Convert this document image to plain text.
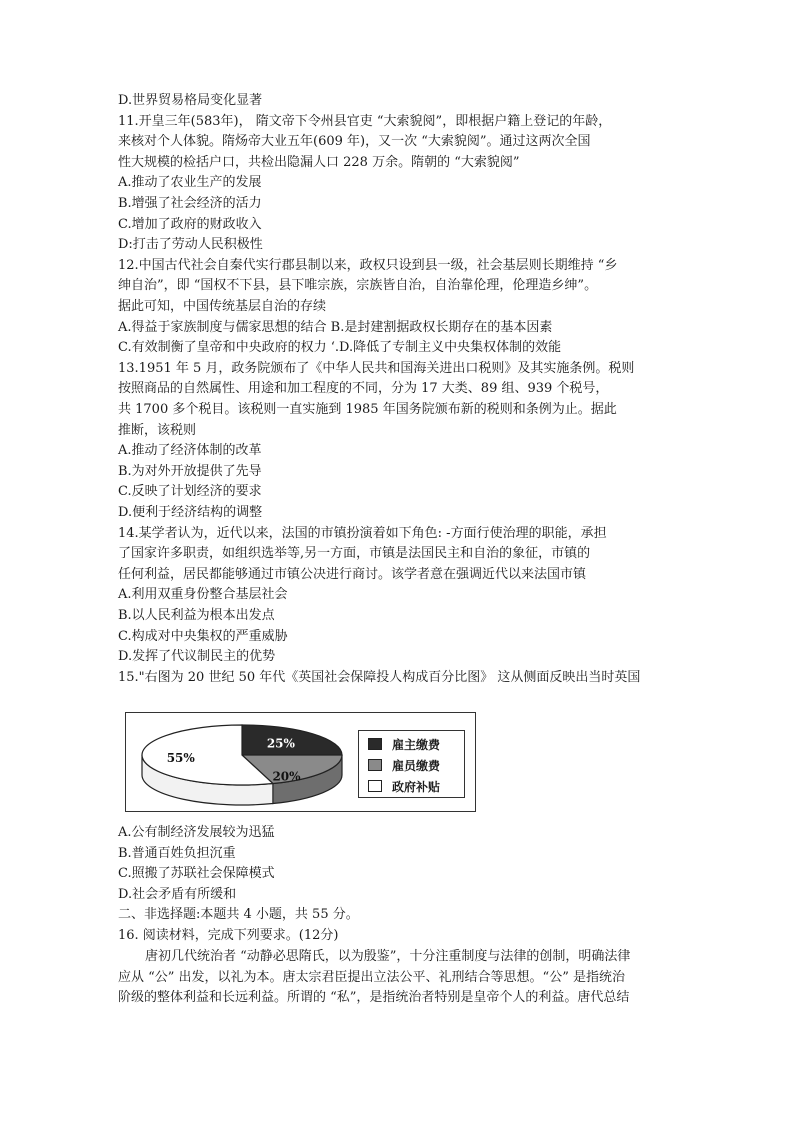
D.世界贸易格局变化显著
11.开皇三年(583年)， 隋文帝下令州县官吏 “大索貌阅”，即根据户籍上登记的年龄，
来核对个人体貌。隋炀帝大业五年(609 年)，又一次 “大索貌阅”。通过这两次全国
性大规模的检括户口，共检出隐漏人口 228 万余。隋朝的 “大索貌阅”
A.推动了农业生产的发展
B.增强了社会经济的活力
C.增加了政府的财政收入
D:打击了劳动人民积极性
12.中国古代社会自秦代实行郡县制以来，政权只设到县一级，社会基层则长期维持 “乡
绅自治”，即 “国权不下县，县下唯宗族，宗族皆自治，自治靠伦理，伦理造乡绅”。
据此可知，中国传统基层自治的存续
A.得益于家族制度与儒家思想的结合 B.是封建割据政权长期存在的基本因素
C.有效制衡了皇帝和中央政府的权力 ‘.D.降低了专制主义中央集权体制的效能
13.1951 年 5 月，政务院颁布了《中华人民共和国海关进出口税则》及其实施条例。税则
按照商品的自然属性、用途和加工程度的不同，分为 17 大类、89 组、939 个税号，
共 1700 多个税目。该税则一直实施到 1985 年国务院颁布新的税则和条例为止。据此
推断，该税则
A.推动了经济体制的改革
B.为对外开放提供了先导
C.反映了计划经济的要求
D.便利于经济结构的调整
14.某学者认为，近代以来，法国的市镇扮演着如下角色: -方面行使治理的职能，承担
了国家许多职责，如组织选举等,另一方面，市镇是法国民主和自治的象征，市镇的
任何利益，居民都能够通过市镇公决进行商讨。该学者意在强调近代以来法国市镇
A.利用双重身份整合基层社会
B.以人民利益为根本出发点
C.构成对中央集权的严重威胁
D.发挥了代议制民主的优势
15."右图为 20 世纪 50 年代《英国社会保障投人构成百分比图》 这从侧面反映出当时英国
A.公有制经济发展较为迅猛
B.普通百姓负担沉重
C.照搬了苏联社会保障模式
D.社会矛盾有所缓和
二、非选择题:本题共 4 小题，共 55 分。
16. 阅读材料，完成下列要求。(12分)
唐初几代统治者 “动静必思隋氏，以为殷鉴”，十分注重制度与法律的创制，明确法律
应从 “公” 出发，以礼为本。唐太宗君臣提出立法公平、礼刑结合等思想。“公” 是指统治
阶级的整体利益和长远利益。所谓的 “私”，是指统治者特别是皇帝个人的利益。唐代总结
25%
20%
55%
雇主缴费
雇员缴费
政府补贴
